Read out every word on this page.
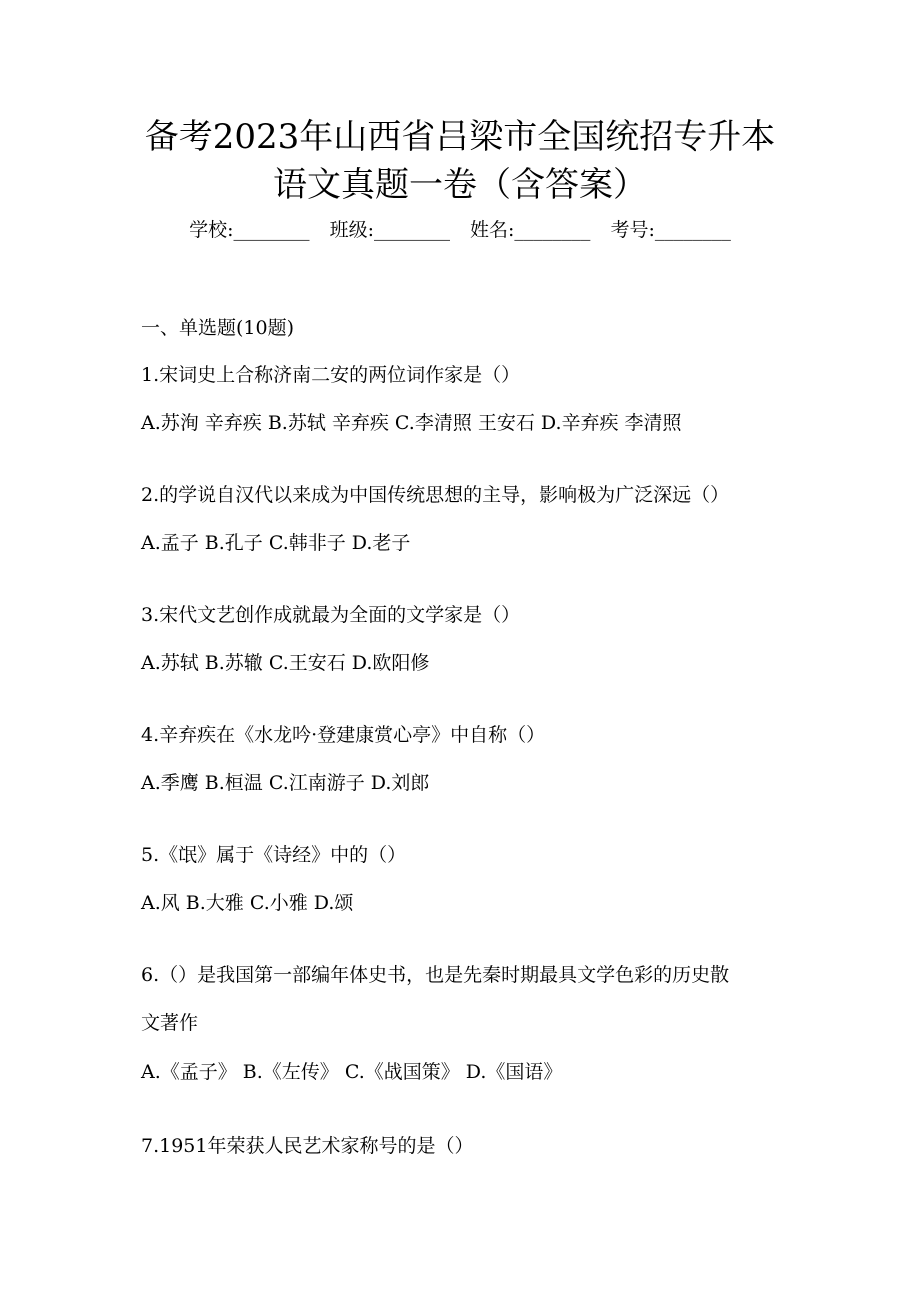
备考2023年山西省吕梁市全国统招专升本
语文真题一卷（含答案）
学校:________ 班级:________ 姓名:________ 考号:________
一、单选题(10题)
1.宋词史上合称济南二安的两位词作家是（）
A.苏洵 辛弃疾 B.苏轼 辛弃疾 C.李清照 王安石 D.辛弃疾 李清照
2.的学说自汉代以来成为中国传统思想的主导，影响极为广泛深远（）
A.孟子 B.孔子 C.韩非子 D.老子
3.宋代文艺创作成就最为全面的文学家是（）
A.苏轼 B.苏辙 C.王安石 D.欧阳修
4.辛弃疾在《水龙吟·登建康赏心亭》中自称（）
A.季鹰 B.桓温 C.江南游子 D.刘郎
5.《氓》属于《诗经》中的（）
A.风 B.大雅 C.小雅 D.颂
6.（）是我国第一部编年体史书，也是先秦时期最具文学色彩的历史散
文著作
A.《孟子》 B.《左传》 C.《战国策》 D.《国语》
7.1951年荣获人民艺术家称号的是（）
